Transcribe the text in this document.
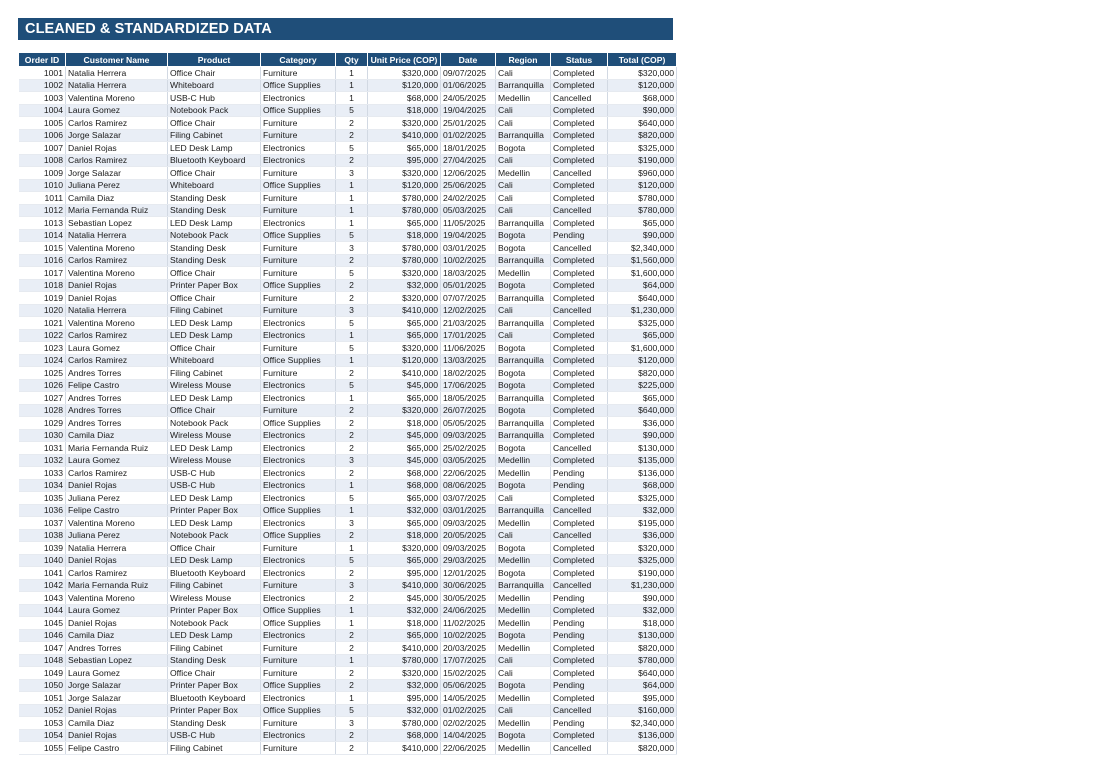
CLEANED & STANDARDIZED DATA
Order ID	Customer Name	Product	Category	Qty	Unit Price (COP)	Date	Region	Status	Total (COP)
1001	Natalia Herrera	Office Chair	Furniture	1	$320,000	09/07/2025	Cali	Completed	$320,000
1002	Natalia Herrera	Whiteboard	Office Supplies	1	$120,000	01/06/2025	Barranquilla	Completed	$120,000
1003	Valentina Moreno	USB-C Hub	Electronics	1	$68,000	24/05/2025	Medellin	Cancelled	$68,000
1004	Laura Gomez	Notebook Pack	Office Supplies	5	$18,000	19/04/2025	Cali	Completed	$90,000
1005	Carlos Ramirez	Office Chair	Furniture	2	$320,000	25/01/2025	Cali	Completed	$640,000
1006	Jorge Salazar	Filing Cabinet	Furniture	2	$410,000	01/02/2025	Barranquilla	Completed	$820,000
1007	Daniel Rojas	LED Desk Lamp	Electronics	5	$65,000	18/01/2025	Bogota	Completed	$325,000
1008	Carlos Ramirez	Bluetooth Keyboard	Electronics	2	$95,000	27/04/2025	Cali	Completed	$190,000
1009	Jorge Salazar	Office Chair	Furniture	3	$320,000	12/06/2025	Medellin	Cancelled	$960,000
1010	Juliana Perez	Whiteboard	Office Supplies	1	$120,000	25/06/2025	Cali	Completed	$120,000
1011	Camila Diaz	Standing Desk	Furniture	1	$780,000	24/02/2025	Cali	Completed	$780,000
1012	Maria Fernanda Ruiz	Standing Desk	Furniture	1	$780,000	05/03/2025	Cali	Cancelled	$780,000
1013	Sebastian Lopez	LED Desk Lamp	Electronics	1	$65,000	11/05/2025	Barranquilla	Completed	$65,000
1014	Natalia Herrera	Notebook Pack	Office Supplies	5	$18,000	19/04/2025	Bogota	Pending	$90,000
1015	Valentina Moreno	Standing Desk	Furniture	3	$780,000	03/01/2025	Bogota	Cancelled	$2,340,000
1016	Carlos Ramirez	Standing Desk	Furniture	2	$780,000	10/02/2025	Barranquilla	Completed	$1,560,000
1017	Valentina Moreno	Office Chair	Furniture	5	$320,000	18/03/2025	Medellin	Completed	$1,600,000
1018	Daniel Rojas	Printer Paper Box	Office Supplies	2	$32,000	05/01/2025	Bogota	Completed	$64,000
1019	Daniel Rojas	Office Chair	Furniture	2	$320,000	07/07/2025	Barranquilla	Completed	$640,000
1020	Natalia Herrera	Filing Cabinet	Furniture	3	$410,000	12/02/2025	Cali	Cancelled	$1,230,000
1021	Valentina Moreno	LED Desk Lamp	Electronics	5	$65,000	21/03/2025	Barranquilla	Completed	$325,000
1022	Carlos Ramirez	LED Desk Lamp	Electronics	1	$65,000	17/01/2025	Cali	Completed	$65,000
1023	Laura Gomez	Office Chair	Furniture	5	$320,000	11/06/2025	Bogota	Completed	$1,600,000
1024	Carlos Ramirez	Whiteboard	Office Supplies	1	$120,000	13/03/2025	Barranquilla	Completed	$120,000
1025	Andres Torres	Filing Cabinet	Furniture	2	$410,000	18/02/2025	Bogota	Completed	$820,000
1026	Felipe Castro	Wireless Mouse	Electronics	5	$45,000	17/06/2025	Bogota	Completed	$225,000
1027	Andres Torres	LED Desk Lamp	Electronics	1	$65,000	18/05/2025	Barranquilla	Completed	$65,000
1028	Andres Torres	Office Chair	Furniture	2	$320,000	26/07/2025	Bogota	Completed	$640,000
1029	Andres Torres	Notebook Pack	Office Supplies	2	$18,000	05/05/2025	Barranquilla	Completed	$36,000
1030	Camila Diaz	Wireless Mouse	Electronics	2	$45,000	09/03/2025	Barranquilla	Completed	$90,000
1031	Maria Fernanda Ruiz	LED Desk Lamp	Electronics	2	$65,000	25/02/2025	Bogota	Cancelled	$130,000
1032	Laura Gomez	Wireless Mouse	Electronics	3	$45,000	03/05/2025	Medellin	Completed	$135,000
1033	Carlos Ramirez	USB-C Hub	Electronics	2	$68,000	22/06/2025	Medellin	Pending	$136,000
1034	Daniel Rojas	USB-C Hub	Electronics	1	$68,000	08/06/2025	Bogota	Pending	$68,000
1035	Juliana Perez	LED Desk Lamp	Electronics	5	$65,000	03/07/2025	Cali	Completed	$325,000
1036	Felipe Castro	Printer Paper Box	Office Supplies	1	$32,000	03/01/2025	Barranquilla	Cancelled	$32,000
1037	Valentina Moreno	LED Desk Lamp	Electronics	3	$65,000	09/03/2025	Medellin	Completed	$195,000
1038	Juliana Perez	Notebook Pack	Office Supplies	2	$18,000	20/05/2025	Cali	Cancelled	$36,000
1039	Natalia Herrera	Office Chair	Furniture	1	$320,000	09/03/2025	Bogota	Completed	$320,000
1040	Daniel Rojas	LED Desk Lamp	Electronics	5	$65,000	29/03/2025	Medellin	Completed	$325,000
1041	Carlos Ramirez	Bluetooth Keyboard	Electronics	2	$95,000	12/01/2025	Bogota	Completed	$190,000
1042	Maria Fernanda Ruiz	Filing Cabinet	Furniture	3	$410,000	30/06/2025	Barranquilla	Cancelled	$1,230,000
1043	Valentina Moreno	Wireless Mouse	Electronics	2	$45,000	30/05/2025	Medellin	Pending	$90,000
1044	Laura Gomez	Printer Paper Box	Office Supplies	1	$32,000	24/06/2025	Medellin	Completed	$32,000
1045	Daniel Rojas	Notebook Pack	Office Supplies	1	$18,000	11/02/2025	Medellin	Pending	$18,000
1046	Camila Diaz	LED Desk Lamp	Electronics	2	$65,000	10/02/2025	Bogota	Pending	$130,000
1047	Andres Torres	Filing Cabinet	Furniture	2	$410,000	20/03/2025	Medellin	Completed	$820,000
1048	Sebastian Lopez	Standing Desk	Furniture	1	$780,000	17/07/2025	Cali	Completed	$780,000
1049	Laura Gomez	Office Chair	Furniture	2	$320,000	15/02/2025	Cali	Completed	$640,000
1050	Jorge Salazar	Printer Paper Box	Office Supplies	2	$32,000	05/06/2025	Bogota	Pending	$64,000
1051	Jorge Salazar	Bluetooth Keyboard	Electronics	1	$95,000	14/05/2025	Medellin	Completed	$95,000
1052	Daniel Rojas	Printer Paper Box	Office Supplies	5	$32,000	01/02/2025	Cali	Cancelled	$160,000
1053	Camila Diaz	Standing Desk	Furniture	3	$780,000	02/02/2025	Medellin	Pending	$2,340,000
1054	Daniel Rojas	USB-C Hub	Electronics	2	$68,000	14/04/2025	Bogota	Completed	$136,000
1055	Felipe Castro	Filing Cabinet	Furniture	2	$410,000	22/06/2025	Medellin	Cancelled	$820,000
